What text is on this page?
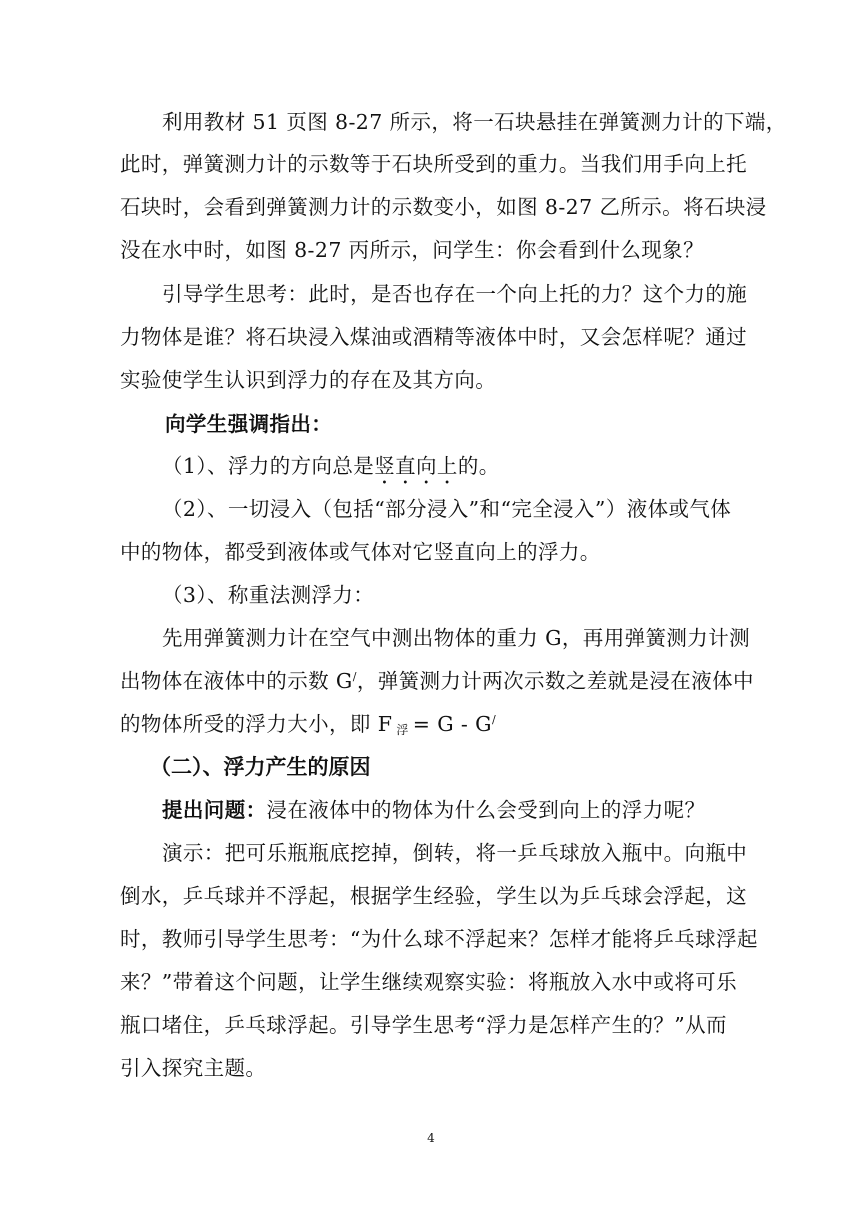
利用教材 51 页图 8-27 所示，将一石块悬挂在弹簧测力计的下端，
此时，弹簧测力计的示数等于石块所受到的重力。当我们用手向上托
石块时，会看到弹簧测力计的示数变小，如图 8-27 乙所示。将石块浸
没在水中时，如图 8-27 丙所示，问学生：你会看到什么现象？
引导学生思考：此时，是否也存在一个向上托的力？这个力的施
力物体是谁？将石块浸入煤油或酒精等液体中时，又会怎样呢？通过
实验使学生认识到浮力的存在及其方向。
向学生强调指出：
（1）、浮力的方向总是竖直向上的。
（2）、一切浸入（包括“部分浸入”和“完全浸入”）液体或气体
中的物体，都受到液体或气体对它竖直向上的浮力。
（3）、称重法测浮力：
先用弹簧测力计在空气中测出物体的重力 G，再用弹簧测力计测
出物体在液体中的示数 G/，弹簧测力计两次示数之差就是浸在液体中
的物体所受的浮力大小，即 F $_浮$ = G - G/
（二）、浮力产生的原因
提出问题：浸在液体中的物体为什么会受到向上的浮力呢？
演示：把可乐瓶瓶底挖掉，倒转，将一乒乓球放入瓶中。向瓶中
倒水，乒乓球并不浮起，根据学生经验，学生以为乒乓球会浮起，这
时，教师引导学生思考：“为什么球不浮起来？怎样才能将乒乓球浮起
来？”带着这个问题，让学生继续观察实验：将瓶放入水中或将可乐
瓶口堵住，乒乓球浮起。引导学生思考“浮力是怎样产生的？”从而
引入探究主题。
4
